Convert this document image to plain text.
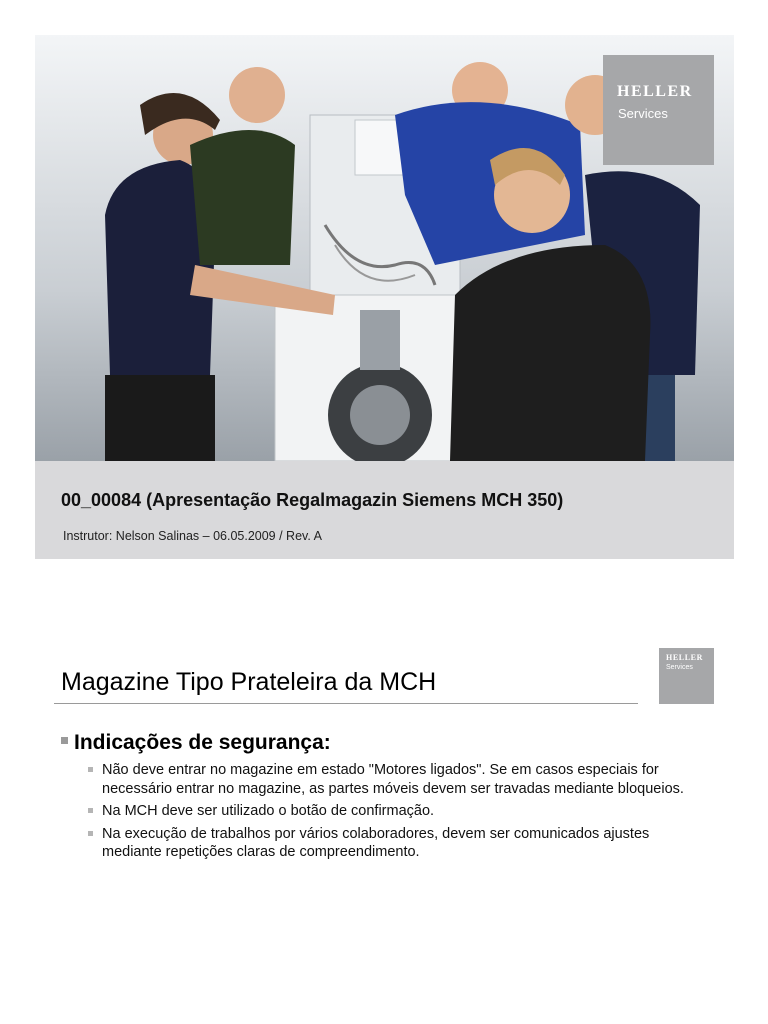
HELLER
Services
00_00084 (Apresentação Regalmagazin Siemens MCH 350)
Instrutor: Nelson Salinas – 06.05.2009 / Rev. A
Magazine Tipo Prateleira da MCH
HELLER
Services
Indicações de segurança:
Não deve entrar no magazine em estado "Motores ligados". Se em casos especiais for necessário entrar no magazine, as partes móveis devem ser travadas mediante bloqueios.
Na MCH deve ser utilizado o botão de confirmação.
Na execução de trabalhos por vários colaboradores, devem ser comunicados ajustes mediante repetições claras de compreendimento.
